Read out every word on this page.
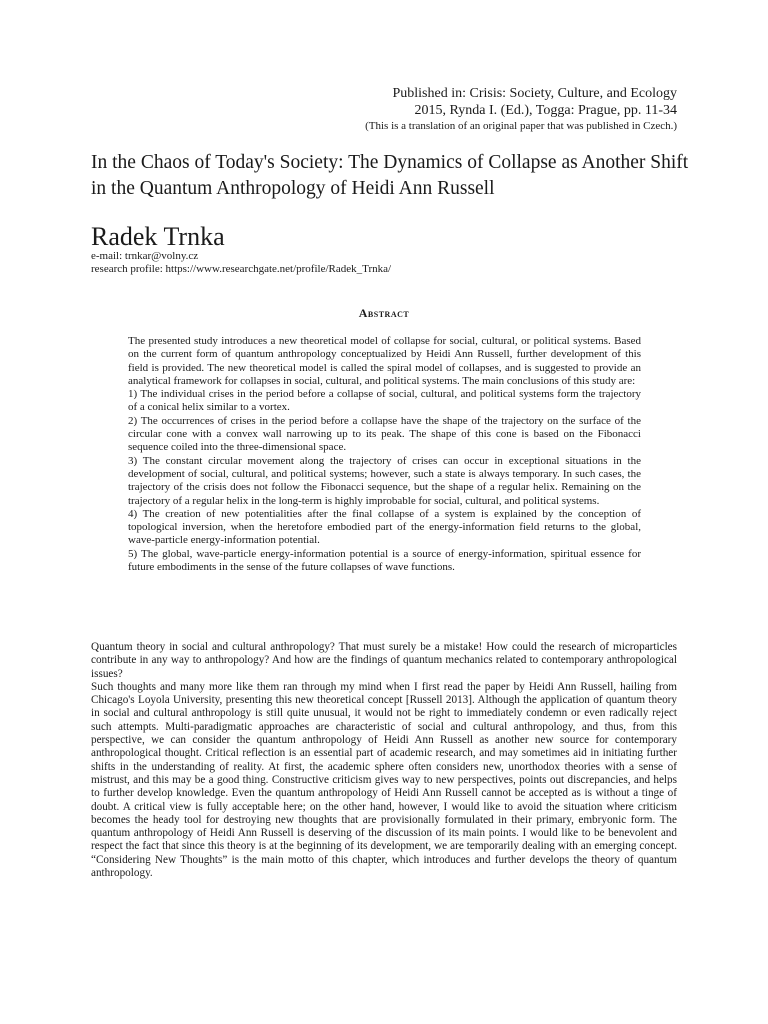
Published in: Crisis: Society, Culture, and Ecology
2015, Rynda I. (Ed.), Togga: Prague, pp. 11-34
(This is a translation of an original paper that was published in Czech.)
In the Chaos of Today's Society: The Dynamics of Collapse as Another Shift in the Quantum Anthropology of Heidi Ann Russell
Radek Trnka
e-mail: trnkar@volny.cz
research profile: https://www.researchgate.net/profile/Radek_Trnka/
Abstract

The presented study introduces a new theoretical model of collapse for social, cultural, or political systems. Based on the current form of quantum anthropology conceptualized by Heidi Ann Russell, further development of this field is provided. The new theoretical model is called the spiral model of collapses, and is suggested to provide an analytical framework for collapses in social, cultural, and political systems. The main conclusions of this study are:

1) The individual crises in the period before a collapse of social, cultural, and political systems form the trajectory of a conical helix similar to a vortex.

2) The occurrences of crises in the period before a collapse have the shape of the trajectory on the surface of the circular cone with a convex wall narrowing up to its peak. The shape of this cone is based on the Fibonacci sequence coiled into the three-dimensional space.

3) The constant circular movement along the trajectory of crises can occur in exceptional situations in the development of social, cultural, and political systems; however, such a state is always temporary. In such cases, the trajectory of the crisis does not follow the Fibonacci sequence, but the shape of a regular helix. Remaining on the trajectory of a regular helix in the long-term is highly improbable for social, cultural, and political systems.

4) The creation of new potentialities after the final collapse of a system is explained by the conception of topological inversion, when the heretofore embodied part of the energy-information field returns to the global, wave-particle energy-information potential.

5) The global, wave-particle energy-information potential is a source of energy-information, spiritual essence for future embodiments in the sense of the future collapses of wave functions.

Quantum theory in social and cultural anthropology? That must surely be a mistake! How could the research of microparticles contribute in any way to anthropology? And how are the findings of quantum mechanics related to contemporary anthropological issues?

Such thoughts and many more like them ran through my mind when I first read the paper by Heidi Ann Russell, hailing from Chicago's Loyola University, presenting this new theoretical concept [Russell 2013]. Although the application of quantum theory in social and cultural anthropology is still quite unusual, it would not be right to immediately condemn or even radically reject such attempts. Multi-paradigmatic approaches are characteristic of social and cultural anthropology, and thus, from this perspective, we can consider the quantum anthropology of Heidi Ann Russell as another new source for contemporary anthropological thought. Critical reflection is an essential part of academic research, and may sometimes aid in initiating further shifts in the understanding of reality. At first, the academic sphere often considers new, unorthodox theories with a sense of mistrust, and this may be a good thing. Constructive criticism gives way to new perspectives, points out discrepancies, and helps to further develop knowledge. Even the quantum anthropology of Heidi Ann Russell cannot be accepted as is without a tinge of doubt. A critical view is fully acceptable here; on the other hand, however, I would like to avoid the situation where criticism becomes the heady tool for destroying new thoughts that are provisionally formulated in their primary, embryonic form. The quantum anthropology of Heidi Ann Russell is deserving of the discussion of its main points. I would like to be benevolent and respect the fact that since this theory is at the beginning of its development, we are temporarily dealing with an emerging concept. “Considering New Thoughts” is the main motto of this chapter, which introduces and further develops the theory of quantum anthropology.
